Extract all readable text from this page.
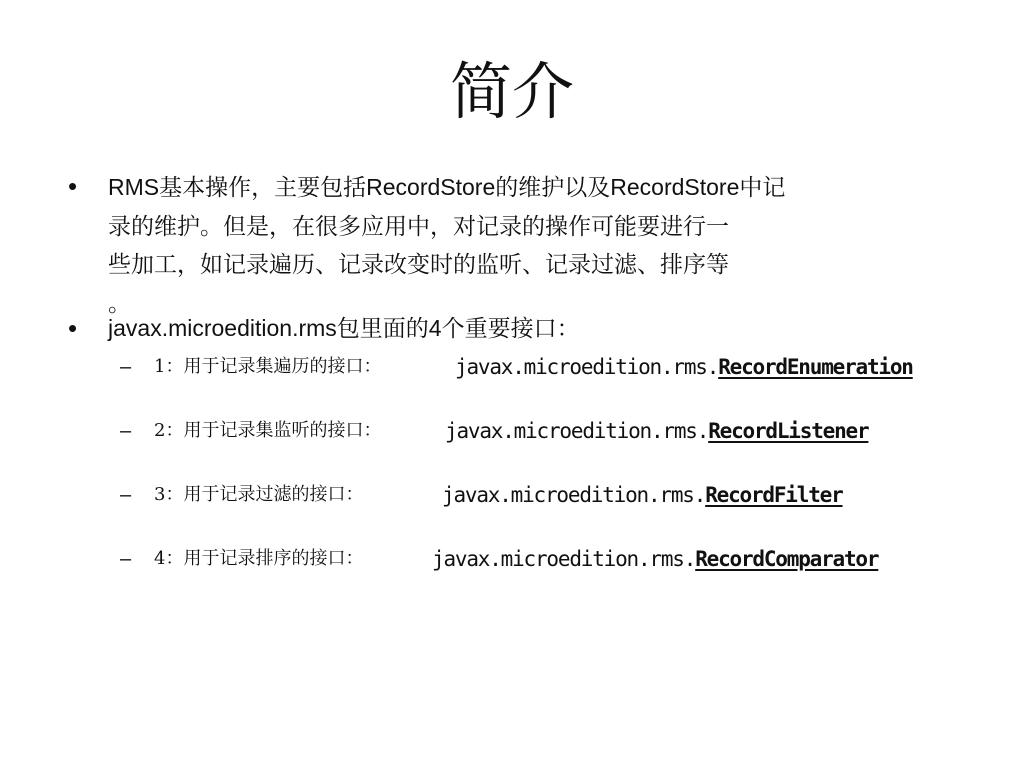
简介
• RMS基本操作，主要包括RecordStore的维护以及RecordStore中记
录的维护。但是，在很多应用中，对记录的操作可能要进行一
些加工，如记录遍历、记录改变时的监听、记录过滤、排序等
。
• javax.microedition.rms包里面的4个重要接口：
– 1：用于记录集遍历的接口：	javax.microedition.rms.RecordEnumeration
– 2：用于记录集监听的接口：	javax.microedition.rms.RecordListener
– 3：用于记录过滤的接口：	javax.microedition.rms.RecordFilter
– 4：用于记录排序的接口：	javax.microedition.rms.RecordComparator
